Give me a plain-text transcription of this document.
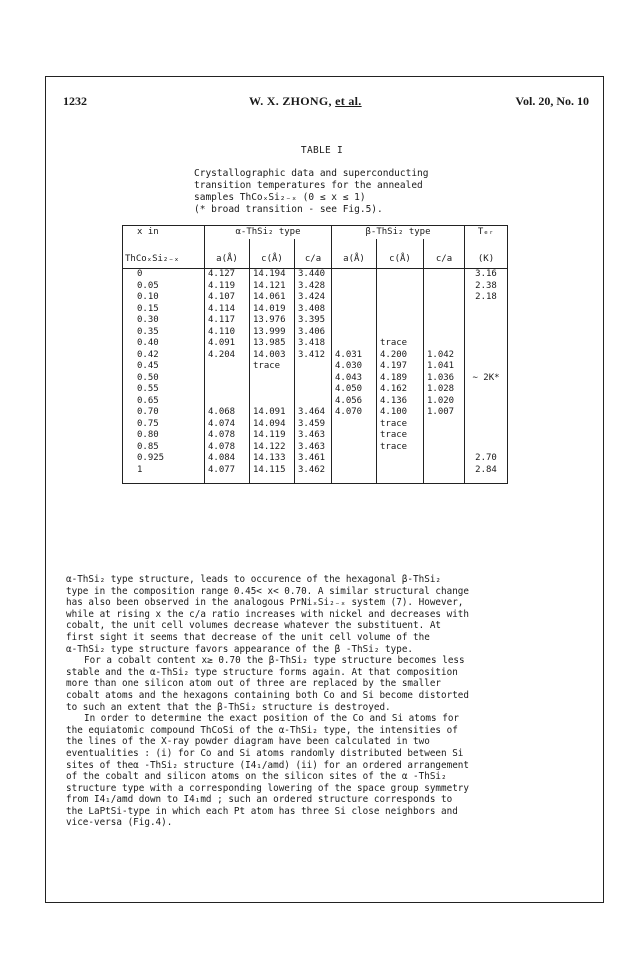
1232	W. X. ZHONG, et al.	Vol. 20, No. 10
TABLE I
Crystallographic data and superconducting
transition temperatures for the annealed
samples ThCoₓSi₂₋ₓ (0 ≤ x ≤ 1)
(* broad transition - see Fig.5).
x in	α-ThSi₂ type			β-ThSi₂ type			Tₑᵣ
ThCoₓSi₂₋ₓ	a(Å)	c(Å)	c/a	a(Å)	c(Å)	c/a	(K)
0	4.127	14.194	3.440				3.16
0.05	4.119	14.121	3.428				2.38
0.10	4.107	14.061	3.424				2.18
0.15	4.114	14.019	3.408				
0.30	4.117	13.976	3.395				
0.35	4.110	13.999	3.406				
0.40	4.091	13.985	3.418		trace		
0.42	4.204	14.003	3.412	4.031	4.200	1.042	
0.45		trace		4.030	4.197	1.041	
0.50				4.043	4.189	1.036	∼ 2K*
0.55				4.050	4.162	1.028	
0.65				4.056	4.136	1.020	
0.70	4.068	14.091	3.464	4.070	4.100	1.007	
0.75	4.074	14.094	3.459		trace		
0.80	4.078	14.119	3.463		trace		
0.85	4.078	14.122	3.463		trace		
0.925	4.084	14.133	3.461				2.70
1	4.077	14.115	3.462				2.84

α-ThSi₂ type structure, leads to occurence of the hexagonal β-ThSi₂

type in the composition range 0.45< x< 0.70. A similar structural change

has also been observed in the analogous PrNiₓSi₂₋ₓ system (7). However,

while at rising x the c/a ratio increases with nickel and decreases with

cobalt, the unit cell volumes decrease whatever the substituent. At

first sight it seems that decrease of the unit cell volume of the

α-ThSi₂ type structure favors appearance of the β -ThSi₂ type.

For a cobalt content x≥ 0.70 the β-ThSi₂ type structure becomes less

stable and the α-ThSi₂ type structure forms again. At that composition

more than one silicon atom out of three are replaced by the smaller

cobalt atoms and the hexagons containing both Co and Si become distorted

to such an extent that the β-ThSi₂ structure is destroyed.

In order to determine the exact position of the Co and Si atoms for

the equiatomic compound ThCoSi of the α-ThSi₂ type, the intensities of

the lines of the X-ray powder diagram have been calculated in two

eventualities : (i) for Co and Si atoms randomly distributed between Si

sites of theα -ThSi₂ structure (I4₁/amd) (ii) for an ordered arrangement

of the cobalt and silicon atoms on the silicon sites of the α -ThSi₂

structure type with a corresponding lowering of the space group symmetry

from I4₁/amd down to I4₁md ; such an ordered structure corresponds to

the LaPtSi-type in which each Pt atom has three Si close neighbors and

vice-versa (Fig.4).
